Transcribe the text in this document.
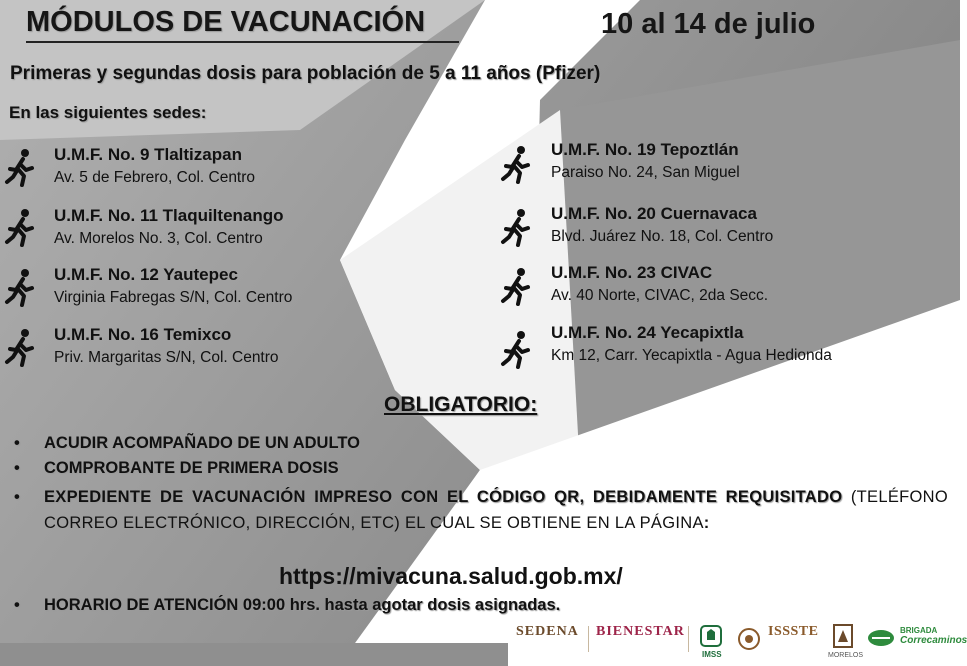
MÓDULOS DE VACUNACIÓN	10 al 14 de julio
Primeras y segundas dosis para población de 5 a 11 años (Pfizer)
En las siguientes sedes:
U.M.F. No. 9 Tlaltizapan
Av. 5 de Febrero, Col. Centro
U.M.F. No. 11 Tlaquiltenango
Av. Morelos No. 3, Col. Centro
U.M.F. No. 12 Yautepec
Virginia Fabregas S/N, Col. Centro
U.M.F. No. 16 Temixco
Priv. Margaritas S/N, Col. Centro
U.M.F. No. 19 Tepoztlán
Paraiso No. 24, San Miguel
U.M.F. No. 20 Cuernavaca
Blvd. Juárez No. 18, Col. Centro
U.M.F. No. 23 CIVAC
Av. 40 Norte, CIVAC, 2da Secc.
U.M.F. No. 24 Yecapixtla
Km 12, Carr. Yecapixtla - Agua Hedionda
OBLIGATORIO:
• ACUDIR ACOMPAÑADO DE UN ADULTO
• COMPROBANTE DE PRIMERA DOSIS
•	EXPEDIENTE DE VACUNACIÓN IMPRESO CON EL CÓDIGO QR, DEBIDAMENTE REQUISITADO (TELÉFONO CORREO ELECTRÓNICO, DIRECCIÓN, ETC) EL CUAL SE OBTIENE EN LA PÁGINA:
https://mivacuna.salud.gob.mx/
• HORARIO DE ATENCIÓN 09:00 hrs. hasta agotar dosis asignadas.
SEDENA BIENESTAR
IMSS
ISSSTE
MORELOS
BRIGADA
Correcaminos
